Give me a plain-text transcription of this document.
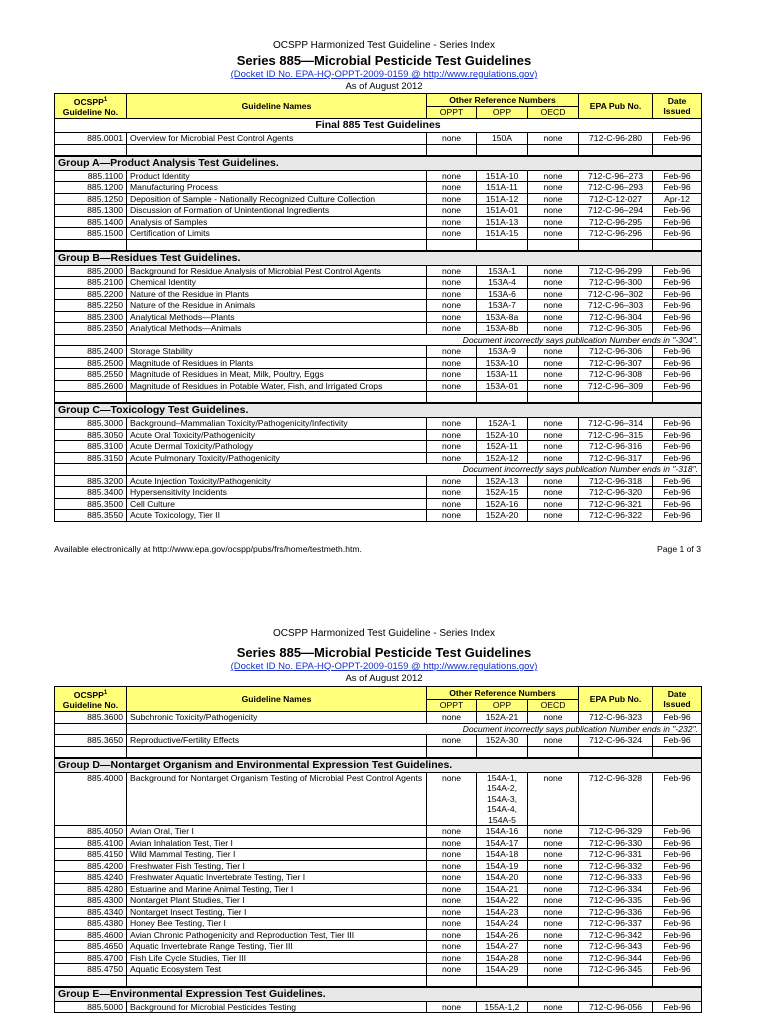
OCSPP Harmonized Test Guideline - Series Index
Series 885—Microbial Pesticide Test Guidelines
(Docket ID No. EPA-HQ-OPPT-2009-0159 @ http://www.regulations.gov)
As of August 2012
OCSPP$^1$
Guideline No.	Guideline Names	Other Reference Numbers			EPA Pub No.	Date
Issued
		OPPT	OPP	OECD		
Final 885 Test Guidelines						
885.0001	Overview for Microbial Pest Control Agents	none	150A	none	712-C-96-280	Feb-96

Group A—Product Analysis Test Guidelines.						
885.1100	Product Identity	none	151A-10	none	712-C-96–273	Feb-96
885.1200	Manufacturing Process	none	151A-11	none	712-C-96–293	Feb-96
885.1250	Deposition of Sample - Nationally Recognized Culture Collection	none	151A-12	none	712-C-12-027	Apr-12
885.1300	Discussion of Formation of Unintentional Ingredients	none	151A-01	none	712-C-96–294	Feb-96
885.1400	Analysis of Samples	none	151A-13	none	712-C-96-295	Feb-96
885.1500	Certification of Limits	none	151A-15	none	712-C-96-296	Feb-96

Group B—Residues Test Guidelines.						
885.2000	Background for Residue Analysis of Microbial Pest Control Agents	none	153A-1	none	712-C-96-299	Feb-96
885.2100	Chemical Identity	none	153A-4	none	712-C-96-300	Feb-96
885.2200	Nature of the Residue in Plants	none	153A-6	none	712-C-96–302	Feb-96
885.2250	Nature of the Residue in Animals	none	153A-7	none	712-C-96–303	Feb-96
885.2300	Analytical Methods—Plants	none	153A-8a	none	712-C-96-304	Feb-96
885.2350	Analytical Methods—Animals	none	153A-8b	none	712-C-96-305	Feb-96
	Document incorrectly says publication Number ends in "-304".					
885.2400	Storage Stability	none	153A-9	none	712-C-96-306	Feb-96
885.2500	Magnitude of Residues in Plants	none	153A-10	none	712-C-96-307	Feb-96
885.2550	Magnitude of Residues in Meat, Milk, Poultry, Eggs	none	153A-11	none	712-C-96-308	Feb-96
885.2600	Magnitude of Residues in Potable Water, Fish, and Irrigated Crops	none	153A-01	none	712-C-96–309	Feb-96

Group C—Toxicology Test Guidelines.						
885.3000	Background–Mammalian Toxicity/Pathogenicity/Infectivity	none	152A-1	none	712-C-96–314	Feb-96
885.3050	Acute Oral Toxicity/Pathogenicity	none	152A-10	none	712-C-96–315	Feb-96
885.3100	Acute Dermal Toxicity/Pathology	none	152A-11	none	712-C-96-316	Feb-96
885.3150	Acute Pulmonary Toxicity/Pathogenicity	none	152A-12	none	712-C-96-317	Feb-96
	Document incorrectly says publication Number ends in "-318".					
885.3200	Acute Injection Toxicity/Pathogenicity	none	152A-13	none	712-C-96-318	Feb-96
885.3400	Hypersensitivity Incidents	none	152A-15	none	712-C-96-320	Feb-96
885.3500	Cell Culture	none	152A-16	none	712-C-96-321	Feb-96
885.3550	Acute Toxicology, Tier II	none	152A-20	none	712-C-96-322	Feb-96
Available electronically at http://www.epa.gov/ocspp/pubs/frs/home/testmeth.htm.	Page 1 of 3
OCSPP Harmonized Test Guideline - Series Index
Series 885—Microbial Pesticide Test Guidelines
(Docket ID No. EPA-HQ-OPPT-2009-0159 @ http://www.regulations.gov)
As of August 2012
OCSPP$^1$
Guideline No.	Guideline Names	Other Reference Numbers			EPA Pub No.	Date
Issued
		OPPT	OPP	OECD		
885.3600	Subchronic Toxicity/Pathogenicity	none	152A-21	none	712-C-96-323	Feb-96
	Document incorrectly says publication Number ends in "-232".					
885.3650	Reproductive/Fertility Effects	none	152A-30	none	712-C-96-324	Feb-96

Group D—Nontarget Organism and Environmental Expression Test Guidelines.						
885.4000	Background for Nontarget Organism Testing of Microbial Pest Control Agents	none	154A-1, 154A-2, 154A-3, 154A-4, 154A-5	none	712-C-96-328	Feb-96
885.4050	Avian Oral, Tier I	none	154A-16	none	712-C-96-329	Feb-96
885.4100	Avian Inhalation Test, Tier I	none	154A-17	none	712-C-96-330	Feb-96
885.4150	Wild Mammal Testing, Tier I	none	154A-18	none	712-C-96-331	Feb-96
885.4200	Freshwater Fish Testing, Tier I	none	154A-19	none	712-C-96-332	Feb-96
885.4240	Freshwater Aquatic Invertebrate Testing, Tier I	none	154A-20	none	712-C-96-333	Feb-96
885.4280	Estuarine and Marine Animal Testing, Tier I	none	154A-21	none	712-C-96-334	Feb-96
885.4300	Nontarget Plant Studies, Tier I	none	154A-22	none	712-C-96-335	Feb-96
885.4340	Nontarget Insect Testing, Tier I	none	154A-23	none	712-C-96-336	Feb-96
885.4380	Honey Bee Testing, Tier I	none	154A-24	none	712-C-96-337	Feb-96
885.4600	Avian Chronic Pathogenicity and Reproduction Test, Tier III	none	154A-26	none	712-C-96-342	Feb-96
885.4650	Aquatic Invertebrate Range Testing, Tier III	none	154A-27	none	712-C-96-343	Feb-96
885.4700	Fish Life Cycle Studies, Tier III	none	154A-28	none	712-C-96-344	Feb-96
885.4750	Aquatic Ecosystem Test	none	154A-29	none	712-C-96-345	Feb-96

Group E—Environmental Expression Test Guidelines.						
885.5000	Background for Microbial Pesticides Testing	none	155A-1,2	none	712-C-96-056	Feb-96
